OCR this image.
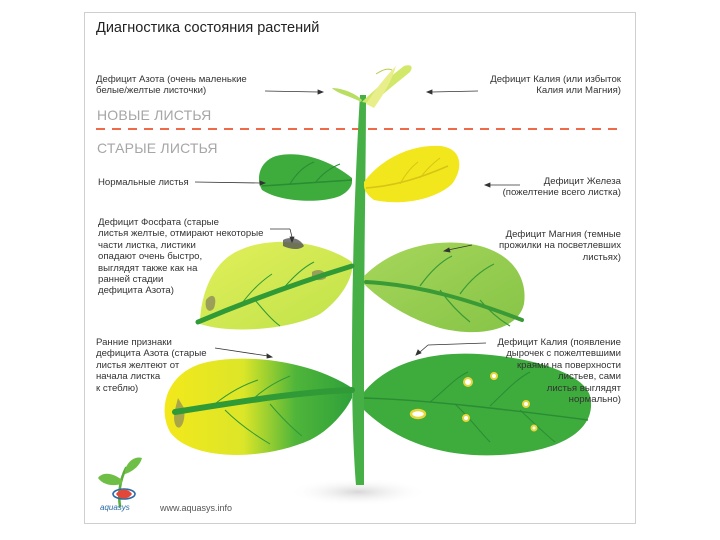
Диагностика состояния растений
Дефицит Азота (очень маленькие
белые/желтые листочки)
Дефицит Калия (или избыток
Калия или Магния)
НОВЫЕ ЛИСТЬЯ
СТАРЫЕ ЛИСТЬЯ
Нормальные листья	Дефицит Железа
(пожелтение всего листка)
Дефицит Фосфата (старые
листья желтые, отмирают некоторые
части листка, листики
опадают очень быстро,
выглядят также как на
ранней стадии
дефицита Азота)
Дефицит Магния (темные
прожилки на посветлевших
листьях)
Ранние признаки
дефицита Азота (старые
листья желтеют от
начала листка
к стеблю)
Дефицит Калия (появление
дырочек с пожелтевшими
краями на поверхности
листьев, сами
листья выглядят
нормально)
aquasys	www.aquasys.info
